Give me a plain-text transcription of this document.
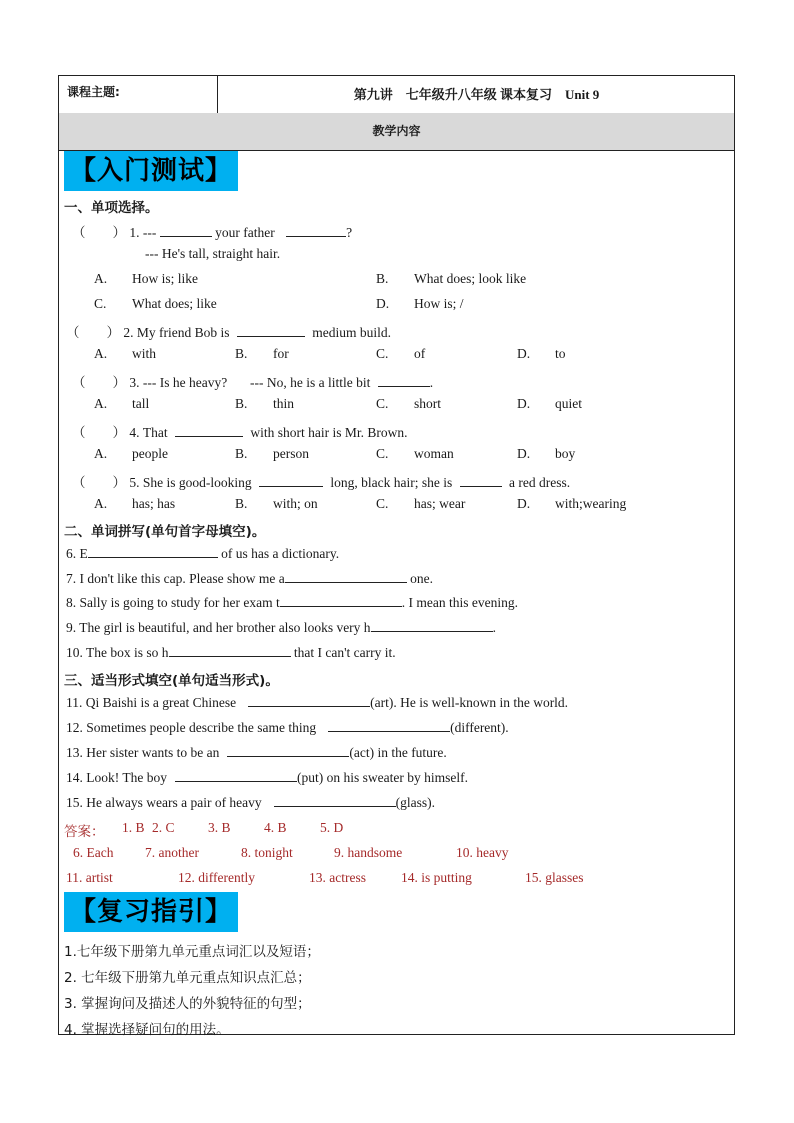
课程主题:	第九讲　七年级升八年级 课本复习　Unit 9
教学内容
【入门测试】
一、单项选择。
（　　） 1. ---	your father	?
--- He's tall, straight hair.
A. How is; like	B. What does; look like
C. What does; like	D. How is; /
（　　） 2. My friend Bob is	medium build.
A. with	B. for	C. of	D. to
（　　） 3. --- Is he heavy? --- No, he is a little bit	.
A. tall	B. thin	C. short	D. quiet
（　　） 4. That	with short hair is Mr. Brown.
A. people	B. person	C. woman	D. boy
（　　） 5. She is good-looking	long, black hair; she is	a red dress.
A. has; has	B. with; on	C. has; wear	D. with;wearing
二、单词拼写(单句首字母填空)。
6. E	of us has a dictionary.
7. I don't like this cap. Please show me a	one.
8. Sally is going to study for her exam t	. I mean this evening.
9. The girl is beautiful, and her brother also looks very h	.
10. The box is so h	that I can't carry it.
三、适当形式填空(单句适当形式)。
11. Qi Baishi is a great Chinese	(art). He is well-known in the world.
12. Sometimes people describe the same thing	(different).
13. Her sister wants to be an	(act) in the future.
14. Look! The boy	(put) on his sweater by himself.
15. He always wears a pair of heavy	(glass).
答案： 1. B 2. C 3. B 4. B 5. D
6. Each 7. another	8. tonight	9. handsome	10. heavy
11. artist	12. differently	13. actress	14. is putting	15. glasses
【复习指引】
1.七年级下册第九单元重点词汇以及短语；
2. 七年级下册第九单元重点知识点汇总；
3. 掌握询问及描述人的外貌特征的句型；
4. 掌握选择疑问句的用法。
